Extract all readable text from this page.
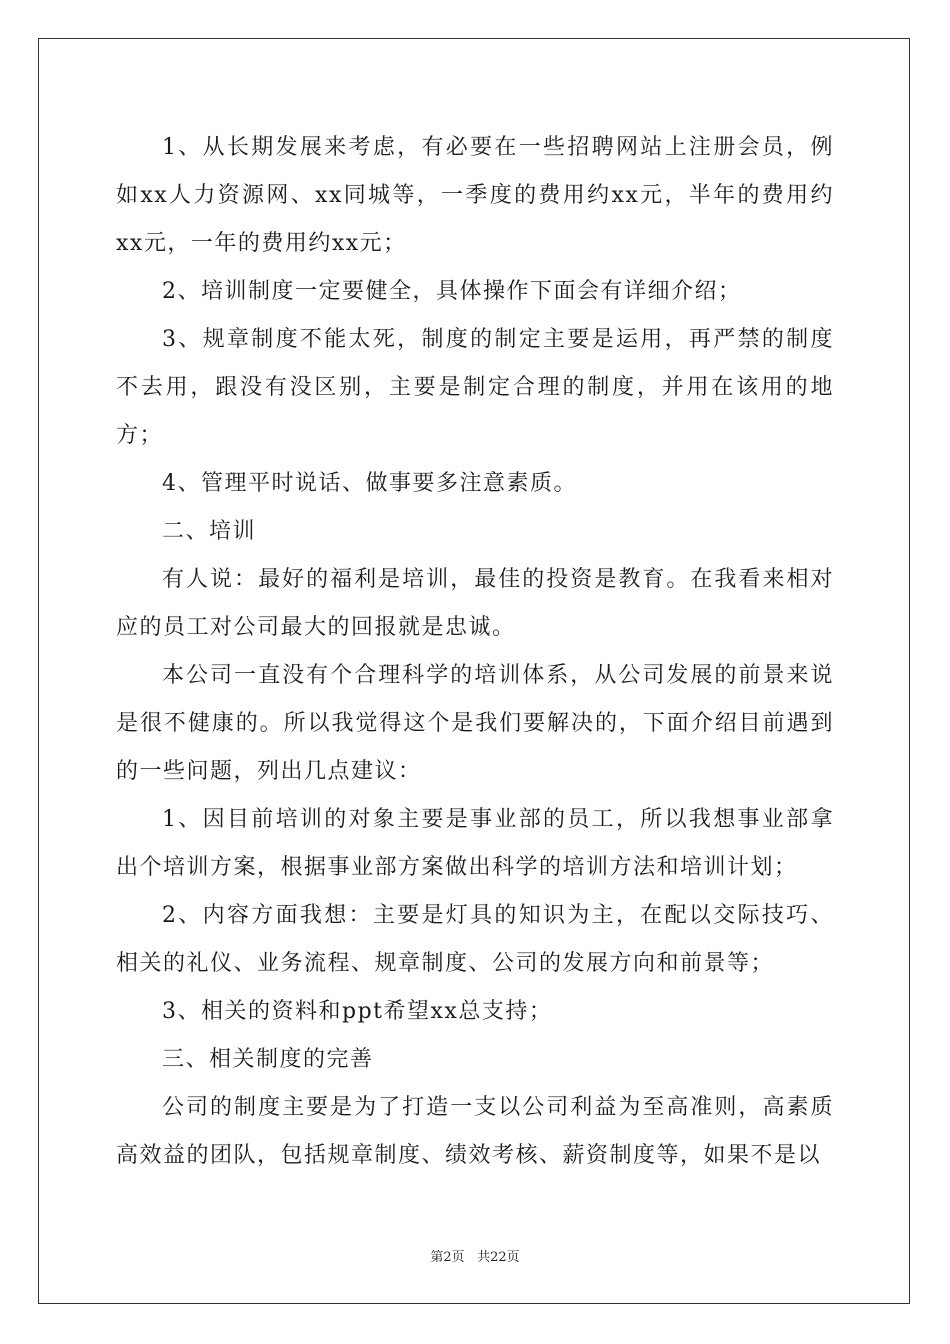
1、从长期发展来考虑，有必要在一些招聘网站上注册会员，例如xx人力资源网、xx同城等，一季度的费用约xx元，半年的费用约xx元，一年的费用约xx元；

2、培训制度一定要健全，具体操作下面会有详细介绍；

3、规章制度不能太死，制度的制定主要是运用，再严禁的制度不去用，跟没有没区别，主要是制定合理的制度，并用在该用的地方；

4、管理平时说话、做事要多注意素质。

二、培训

有人说：最好的福利是培训，最佳的投资是教育。在我看来相对应的员工对公司最大的回报就是忠诚。

本公司一直没有个合理科学的培训体系，从公司发展的前景来说是很不健康的。所以我觉得这个是我们要解决的，下面介绍目前遇到的一些问题，列出几点建议：

1、因目前培训的对象主要是事业部的员工，所以我想事业部拿出个培训方案，根据事业部方案做出科学的培训方法和培训计划；

2、内容方面我想：主要是灯具的知识为主，在配以交际技巧、相关的礼仪、业务流程、规章制度、公司的发展方向和前景等；

3、相关的资料和ppt希望xx总支持；

三、相关制度的完善

公司的制度主要是为了打造一支以公司利益为至高准则，高素质高效益的团队，包括规章制度、绩效考核、薪资制度等，如果不是以

第2页 共22页
